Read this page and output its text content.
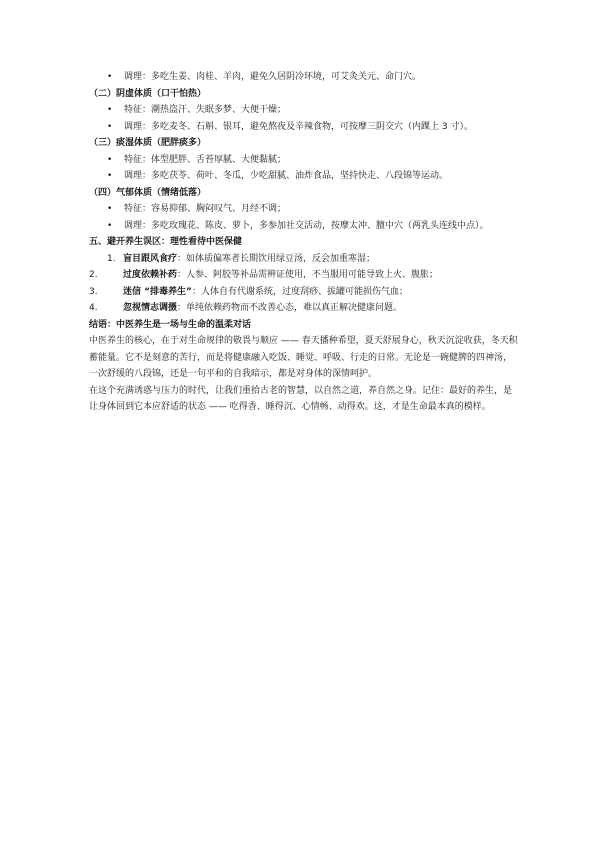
• 调理：多吃生姜、肉桂、羊肉，避免久居阴冷环境，可艾灸关元、命门穴。
（二）阴虚体质（口干怕热）
• 特征：潮热盗汗、失眠多梦、大便干燥；
• 调理：多吃麦冬、石斛、银耳，避免熬夜及辛辣食物，可按摩三阴交穴（内踝上 3 寸）。
（三）痰湿体质（肥胖痰多）
• 特征：体型肥胖、舌苔厚腻、大便黏腻；
• 调理：多吃茯苓、荷叶、冬瓜，少吃甜腻、油炸食品，坚持快走、八段锦等运动。
（四）气郁体质（情绪低落）
• 特征：容易抑郁、胸闷叹气、月经不调；
• 调理：多吃玫瑰花、陈皮、萝卜，多参加社交活动，按摩太冲、膻中穴（两乳头连线中点）。
五、避开养生误区：理性看待中医保健
1. 盲目跟风食疗：如体质偏寒者长期饮用绿豆汤，反会加重寒湿；
2.	过度依赖补药：人参、阿胶等补品需辨证使用，不当服用可能导致上火、腹胀；
3.	迷信 “排毒养生”：人体自有代谢系统，过度刮痧、拔罐可能损伤气血；
4.	忽视情志调摄：单纯依赖药物而不改善心态，难以真正解决健康问题。
结语：中医养生是一场与生命的温柔对话
中医养生的核心，在于对生命规律的敬畏与顺应 —— 春天播种希望，夏天舒展身心，秋天沉淀收获，冬天积蓄能量。它不是刻意的苦行，而是将健康融入吃饭、睡觉、呼吸、行走的日常。无论是一碗健脾的四神汤，一次舒缓的八段锦，还是一句平和的自我暗示，都是对身体的深情呵护。
在这个充满诱惑与压力的时代，让我们重拾古老的智慧，以自然之道，养自然之身。记住：最好的养生，是让身体回到它本应舒适的状态 —— 吃得香、睡得沉、心情畅、动得欢。这，才是生命最本真的模样。
